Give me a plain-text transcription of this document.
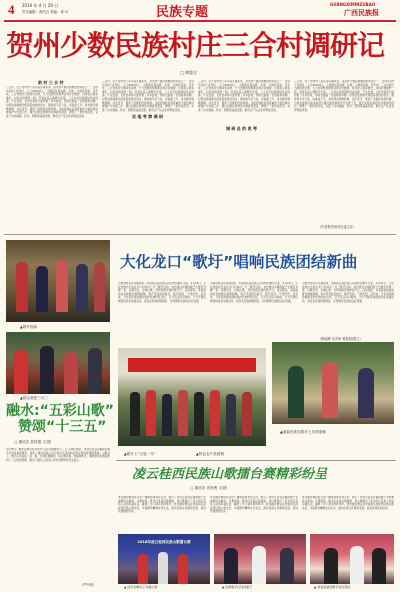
4 2016 年 4 月 29 日
责任编辑：黄浩台 美编：黄 可	民族专题
GUANGXIMINZUBAO
广西民族报
贺州少数民族村庄三合村调研记
□ 黄俊全
前 村 三 合 村
三合村，位于贺州市八步区南乡镇东部，是贺州少数民族聚居的村落之一，全村共有8个自然村，人口3000余人，主要居住着瑶族、壮族、汉族等民族。近年来，三合村依托当地特色资源，大力发展特色种养业和乡村旅游，村民收入稳步增长，村容村貌焕然一新。笔者在深入调研中发现，三合村在民族团结进步创建、产业发展、文化传承等方面积累了许多经验，同时也面临一些困难和问题。村里的瑶族群众保留着独特的语言、服饰和节庆习俗，每逢盘王节，各村群众载歌载舞，共庆佳节，展现了浓郁的民族风情。当地党委政府高度重视少数民族村寨保护与发展工作，通过实施民族特色村寨建设项目，修缮了一批传统民居，完善了村内道路、饮水、照明等基础设施，群众生产生活条件明显改善。	实 地 考 察 调 研
三合村，位于贺州市八步区南乡镇东部，是贺州少数民族聚居的村落之一，全村共有8个自然村，人口3000余人，主要居住着瑶族、壮族、汉族等民族。近年来，三合村依托当地特色资源，大力发展特色种养业和乡村旅游，村民收入稳步增长，村容村貌焕然一新。笔者在深入调研中发现，三合村在民族团结进步创建、产业发展、文化传承等方面积累了许多经验，同时也面临一些困难和问题。村里的瑶族群众保留着独特的语言、服饰和节庆习俗，每逢盘王节，各村群众载歌载舞，共庆佳节，展现了浓郁的民族风情。当地党委政府高度重视少数民族村寨保护与发展工作，通过实施民族特色村寨建设项目，修缮了一批传统民居，完善了村内道路、饮水、照明等基础设施，群众生产生活条件明显改善。
三合村，位于贺州市八步区南乡镇东部，是贺州少数民族聚居的村落之一，全村共有8个自然村，人口3000余人，主要居住着瑶族、壮族、汉族等民族。近年来，三合村依托当地特色资源，大力发展特色种养业和乡村旅游，村民收入稳步增长，村容村貌焕然一新。笔者在深入调研中发现，三合村在民族团结进步创建、产业发展、文化传承等方面积累了许多经验，同时也面临一些困难和问题。村里的瑶族群众保留着独特的语言、服饰和节庆习俗，每逢盘王节，各村群众载歌载舞，共庆佳节，展现了浓郁的民族风情。当地党委政府高度重视少数民族村寨保护与发展工作，通过实施民族特色村寨建设项目，修缮了一批传统民居，完善了村内道路、饮水、照明等基础设施，群众生产生活条件明显改善。
调 研 总 的 思 考
三合村，位于贺州市八步区南乡镇东部，是贺州少数民族聚居的村落之一，全村共有8个自然村，人口3000余人，主要居住着瑶族、壮族、汉族等民族。近年来，三合村依托当地特色资源，大力发展特色种养业和乡村旅游，村民收入稳步增长，村容村貌焕然一新。笔者在深入调研中发现，三合村在民族团结进步创建、产业发展、文化传承等方面积累了许多经验，同时也面临一些困难和问题。村里的瑶族群众保留着独特的语言、服饰和节庆习俗，每逢盘王节，各村群众载歌载舞，共庆佳节，展现了浓郁的民族风情。当地党委政府高度重视少数民族村寨保护与发展工作，通过实施民族特色村寨建设项目，修缮了一批传统民居，完善了村内道路、饮水、照明等基础设施，群众生产生活条件明显改善。
（作者系贺州市民委主任）
▲歌圩现场
▲群众欢度三月三
大化龙口“歌圩”唱响民族团结新曲
为更好地宣传民族政策，传承和弘扬壮族人民的传统歌圩文化，4月23日，大化瑶族自治县在龙口村举办三月三歌圩活动。来自周边乡镇的数千名群众齐聚一堂，以歌会友，对唱山歌，共同欢度民族传统节日。活动现场，身着盛装的各族群众载歌载舞，欢声笑语此起彼伏，歌声悠扬，气氛热烈。近年来，大化县积极挖掘和保护民族传统文化，以节庆活动为载体，大力开展民族团结进步创建活动，营造各民族和睦相处、共同繁荣发展的良好氛围。
为更好地宣传民族政策，传承和弘扬壮族人民的传统歌圩文化，4月23日，大化瑶族自治县在龙口村举办三月三歌圩活动。来自周边乡镇的数千名群众齐聚一堂，以歌会友，对唱山歌，共同欢度民族传统节日。活动现场，身着盛装的各族群众载歌载舞，欢声笑语此起彼伏，歌声悠扬，气氛热烈。近年来，大化县积极挖掘和保护民族传统文化，以节庆活动为载体，大力开展民族团结进步创建活动，营造各民族和睦相处、共同繁荣发展的良好氛围。
为更好地宣传民族政策，传承和弘扬壮族人民的传统歌圩文化，4月23日，大化瑶族自治县在龙口村举办三月三歌圩活动。来自周边乡镇的数千名群众齐聚一堂，以歌会友，对唱山歌，共同欢度民族传统节日。活动现场，身着盛装的各族群众载歌载舞，欢声笑语此起彼伏，歌声悠扬，气氛热烈。近年来，大化县积极挖掘和保护民族传统文化，以节庆活动为载体，大力开展民族团结进步创建活动，营造各民族和睦相处、共同繁荣发展的良好氛围。
（覃灿辉 吴芳荣 黄春阳/图文）
▲盛装民族在歌圩上尽情欢畅
▲歌圩上“又是一年”	▲特色农产品展销
融水:“五彩山歌”
赞颂“十三五”
□ 通讯员 曾祥德 文/图
4月28日，融水苗族自治县举办“五彩山歌赞颂十三五”主题山歌会，来自全县各乡镇的山歌手们用优美的歌声，唱出了融水各族人民对美好生活的向往和对党的政策的赞美。山歌会上，歌手们身着苗、瑶、侗、壮等民族服饰，以山歌对唱、独唱等形式，唱响党的民族政策和十三五规划纲要，唱出了融水人民同心共筑中国梦的坚定信念。
（严中明）
凌云桂西民族山歌擂台赛精彩纷呈
□ 通讯员 冉发俊 文/图
本次擂台赛由县文化广播电视体育局主办，吸引了来自全县各乡镇的数十支参赛队伍参加。比赛现场，歌手们身着民族服装，用山歌唱出了家乡的巨变和人民的幸福生活，赢得了台下观众阵阵掌声。此次擂台赛旨在传承和弘扬桂西民族山歌文化，丰富群众精神文化生活，推动民族文化繁荣发展，促进民族团结进步。
本次擂台赛由县文化广播电视体育局主办，吸引了来自全县各乡镇的数十支参赛队伍参加。比赛现场，歌手们身着民族服装，用山歌唱出了家乡的巨变和人民的幸福生活，赢得了台下观众阵阵掌声。此次擂台赛旨在传承和弘扬桂西民族山歌文化，丰富群众精神文化生活，推动民族文化繁荣发展，促进民族团结进步。
本次擂台赛由县文化广播电视体育局主办，吸引了来自全县各乡镇的数十支参赛队伍参加。比赛现场，歌手们身着民族服装，用山歌唱出了家乡的巨变和人民的幸福生活，赢得了台下观众阵阵掌声。此次擂台赛旨在传承和弘扬桂西民族山歌文化，丰富群众精神文化生活，推动民族文化繁荣发展，促进民族团结进步。
2016年凌云桂西民族山歌擂台赛
▲ 选手在舞台上对唱山歌	▲ 民族歌手们同台献艺	▲ 身着盛装的歌手同台竞技
